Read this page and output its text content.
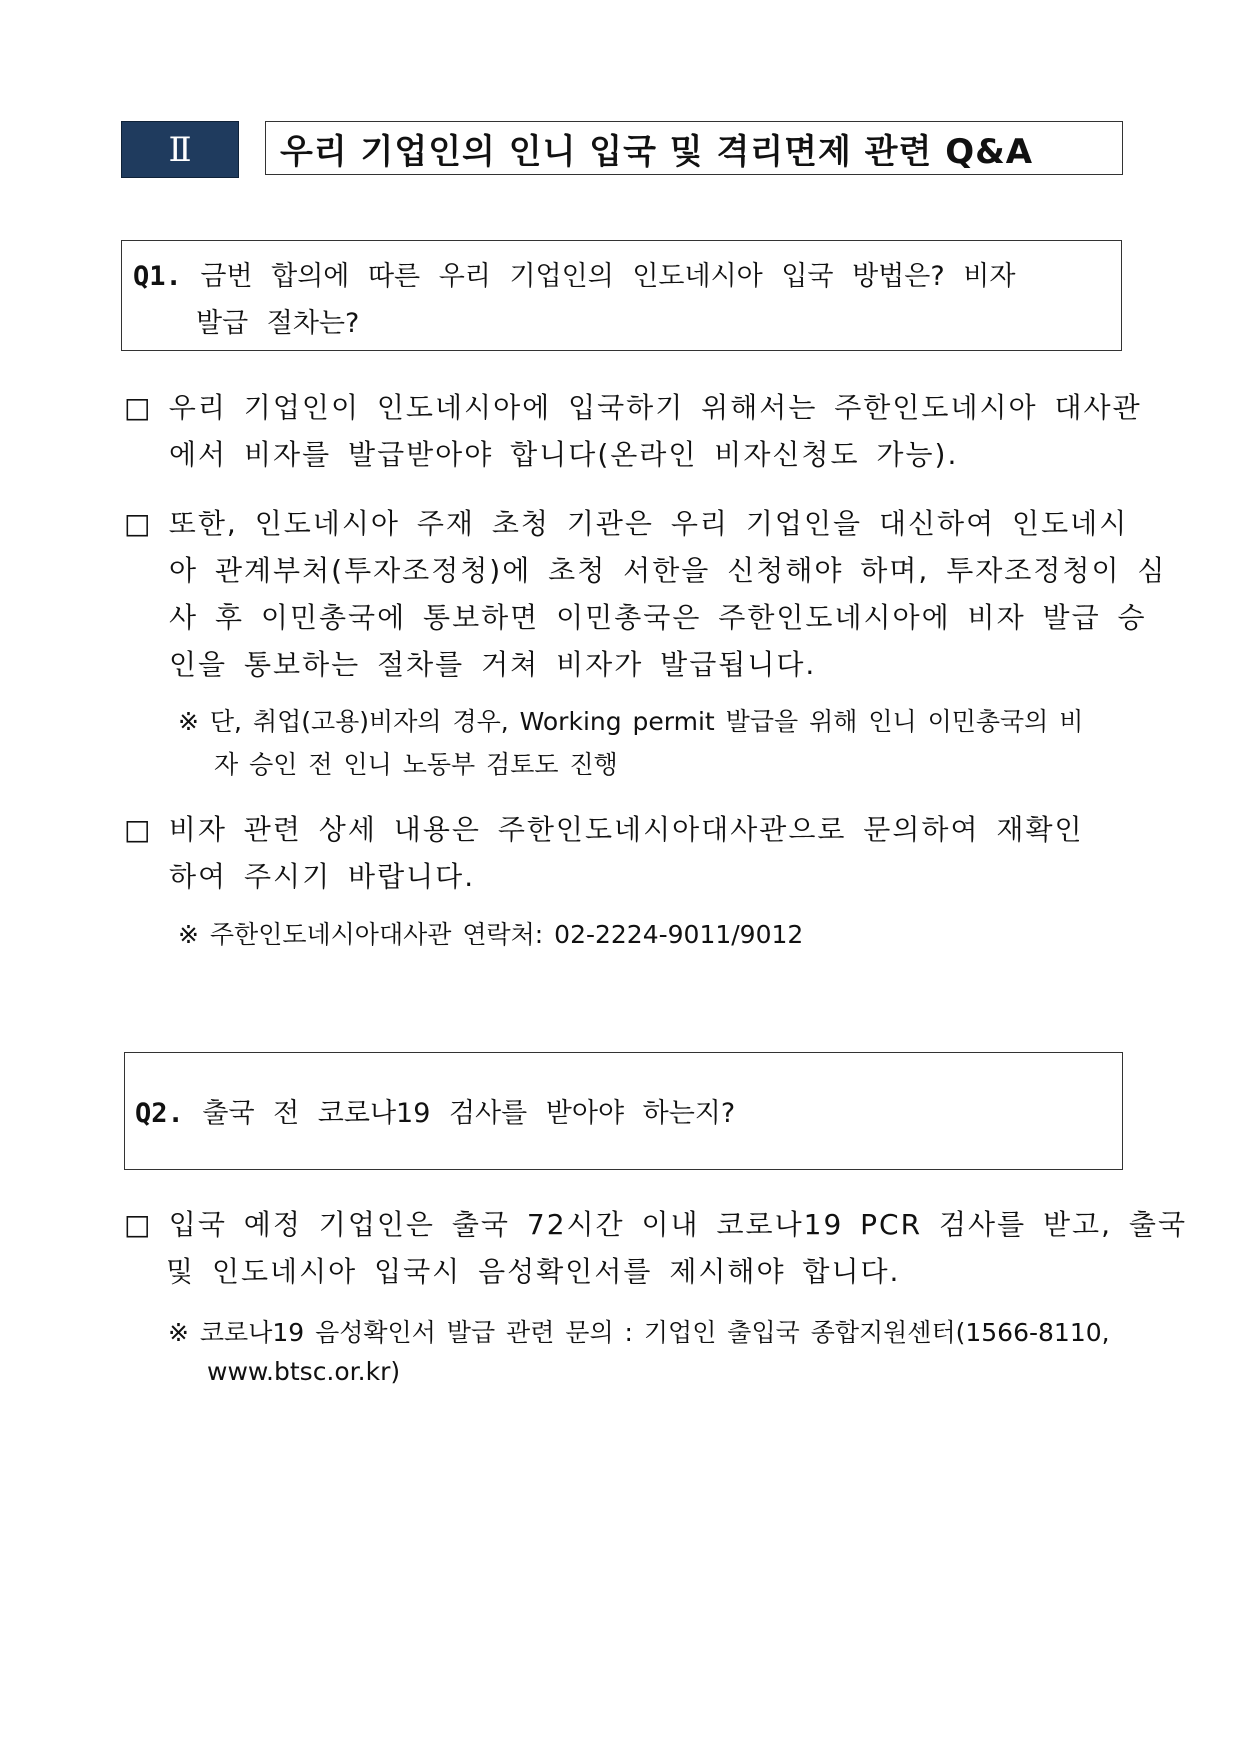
Ⅱ	우리 기업인의 인니 입국 및 격리면제 관련 Q&A
Q1. 금번 합의에 따른 우리 기업인의 인도네시아 입국 방법은? 비자
발급 절차는?
□ 우리 기업인이 인도네시아에 입국하기 위해서는 주한인도네시아 대사관
에서 비자를 발급받아야 합니다(온라인 비자신청도 가능).
□ 또한, 인도네시아 주재 초청 기관은 우리 기업인을 대신하여 인도네시
아 관계부처(투자조정청)에 초청 서한을 신청해야 하며, 투자조정청이 심
사 후 이민총국에 통보하면 이민총국은 주한인도네시아에 비자 발급 승
인을 통보하는 절차를 거쳐 비자가 발급됩니다.
※ 단, 취업(고용)비자의 경우, Working permit 발급을 위해 인니 이민총국의 비
자 승인 전 인니 노동부 검토도 진행
□ 비자 관련 상세 내용은 주한인도네시아대사관으로 문의하여 재확인
하여 주시기 바랍니다.
※ 주한인도네시아대사관 연락처: 02-2224-9011/9012
Q2. 출국 전 코로나19 검사를 받아야 하는지?
□ 입국 예정 기업인은 출국 72시간 이내 코로나19 PCR 검사를 받고, 출국
및 인도네시아 입국시 음성확인서를 제시해야 합니다.
※ 코로나19 음성확인서 발급 관련 문의 : 기업인 출입국 종합지원센터(1566-8110,
www.btsc.or.kr)
